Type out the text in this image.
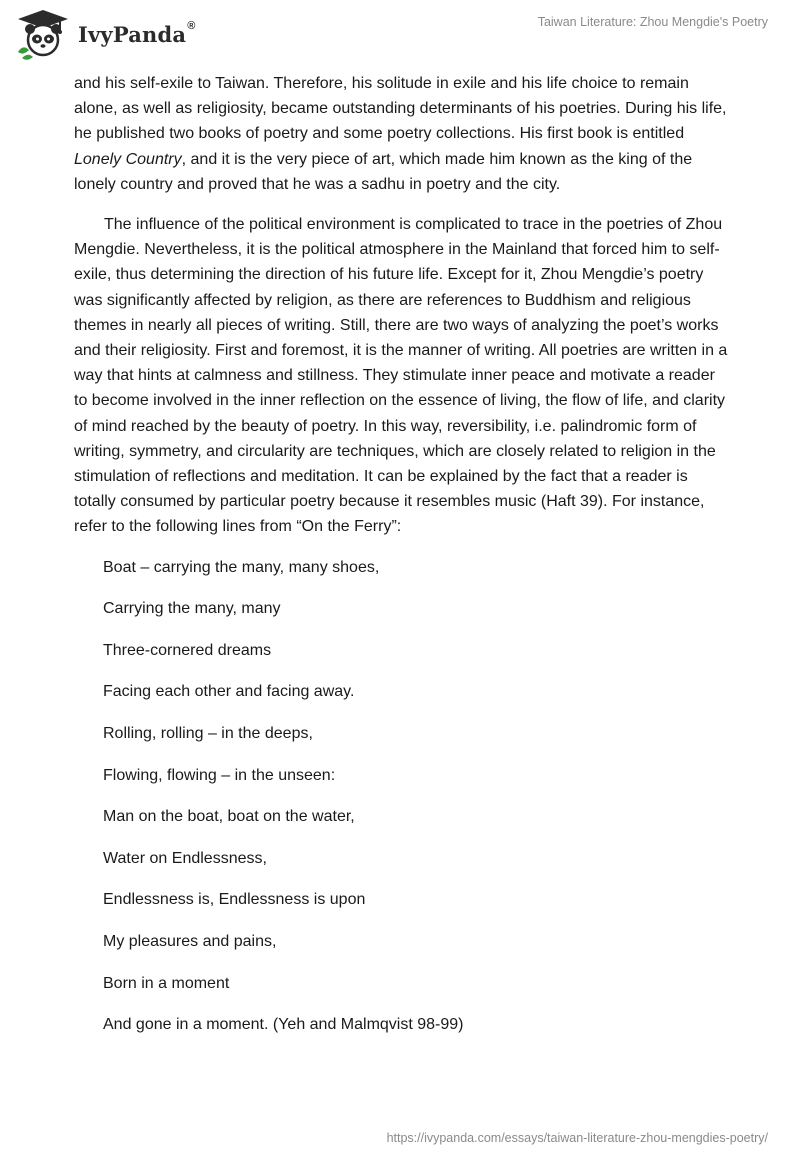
IvyPanda®	Taiwan Literature: Zhou Mengdie's Poetry

and his self-exile to Taiwan. Therefore, his solitude in exile and his life choice to remain alone, as well as religiosity, became outstanding determinants of his poetries. During his life, he published two books of poetry and some poetry collections. His first book is entitled Lonely Country, and it is the very piece of art, which made him known as the king of the lonely country and proved that he was a sadhu in poetry and the city.

The influence of the political environment is complicated to trace in the poetries of Zhou Mengdie. Nevertheless, it is the political atmosphere in the Mainland that forced him to self-exile, thus determining the direction of his future life. Except for it, Zhou Mengdie’s poetry was significantly affected by religion, as there are references to Buddhism and religious themes in nearly all pieces of writing. Still, there are two ways of analyzing the poet’s works and their religiosity. First and foremost, it is the manner of writing. All poetries are written in a way that hints at calmness and stillness. They stimulate inner peace and motivate a reader to become involved in the inner reflection on the essence of living, the flow of life, and clarity of mind reached by the beauty of poetry. In this way, reversibility, i.e. palindromic form of writing, symmetry, and circularity are techniques, which are closely related to religion in the stimulation of reflections and meditation. It can be explained by the fact that a reader is totally consumed by particular poetry because it resembles music (Haft 39). For instance, refer to the following lines from “On the Ferry”:

Boat – carrying the many, many shoes,
Carrying the many, many
Three-cornered dreams
Facing each other and facing away.
Rolling, rolling – in the deeps,
Flowing, flowing – in the unseen:
Man on the boat, boat on the water,
Water on Endlessness,
Endlessness is, Endlessness is upon
My pleasures and pains,
Born in a moment
And gone in a moment. (Yeh and Malmqvist 98-99)
https://ivypanda.com/essays/taiwan-literature-zhou-mengdies-poetry/
